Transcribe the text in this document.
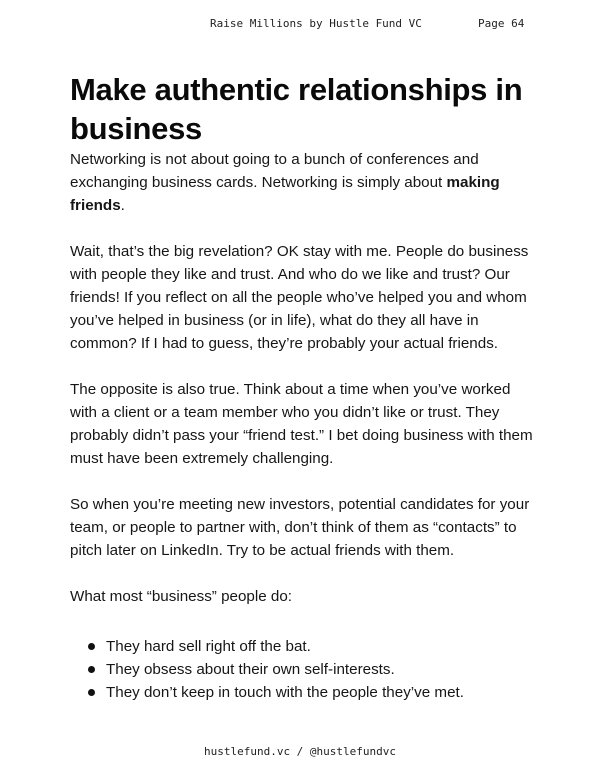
Raise Millions by Hustle Fund VC	Page 64
Make authentic relationships in business

Networking is not about going to a bunch of conferences and exchanging business cards. Networking is simply about making friends.

Wait, that’s the big revelation? OK stay with me. People do business with people they like and trust. And who do we like and trust? Our friends! If you reflect on all the people who’ve helped you and whom you’ve helped in business (or in life), what do they all have in common? If I had to guess, they’re probably your actual friends.

The opposite is also true. Think about a time when you’ve worked with a client or a team member who you didn’t like or trust. They probably didn’t pass your “friend test.” I bet doing business with them must have been extremely challenging.

So when you’re meeting new investors, potential candidates for your team, or people to partner with, don’t think of them as “contacts” to pitch later on LinkedIn. Try to be actual friends with them.

What most “business” people do:

They hard sell right off the bat.
They obsess about their own self-interests.
They don’t keep in touch with the people they’ve met.
hustlefund.vc / @hustlefundvc
